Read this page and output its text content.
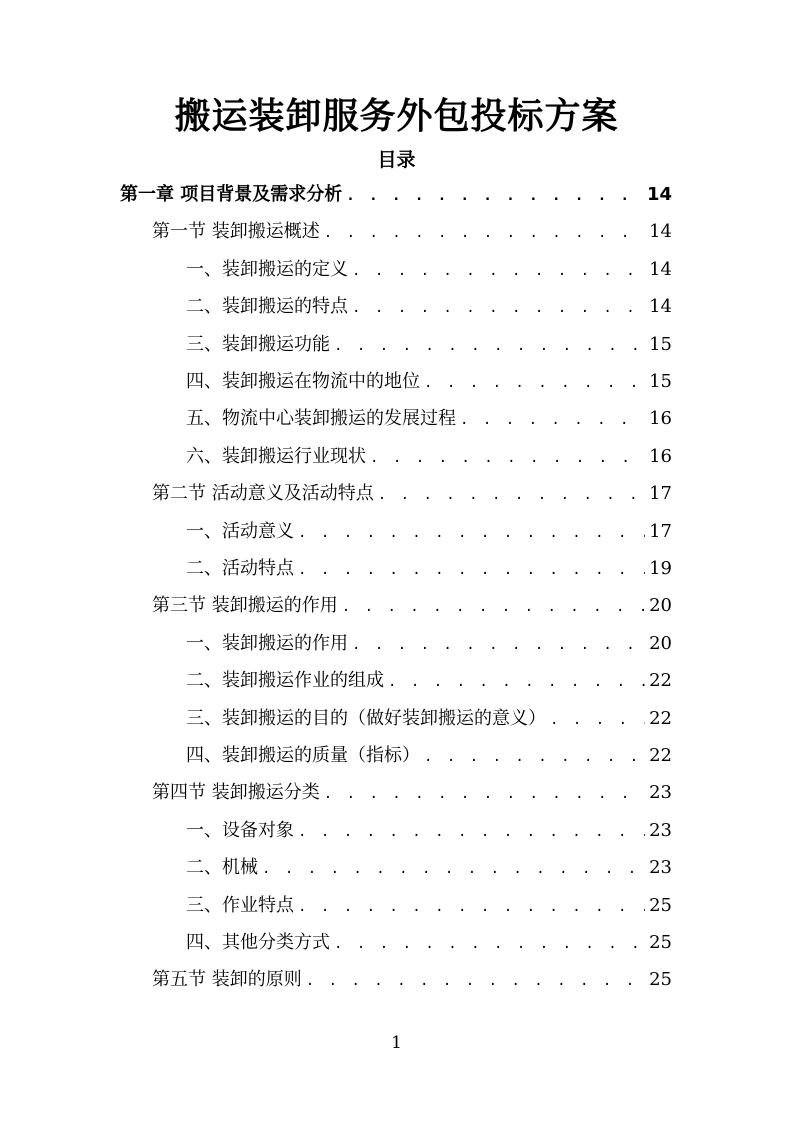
搬运装卸服务外包投标方案
目录
第一章 项目背景及需求分析 . . .	14
第一节 装卸搬运概述 . . .	14
一、装卸搬运的定义 . . .	14
二、装卸搬运的特点 . . .	14
三、装卸搬运功能 . . .	15
四、装卸搬运在物流中的地位 . . .	15
五、物流中心装卸搬运的发展过程 . . .	16
六、装卸搬运行业现状 . . .	16
第二节 活动意义及活动特点 . . .	17
一、活动意义 . . .	17
二、活动特点 . . .	19
第三节 装卸搬运的作用 . . .	20
一、装卸搬运的作用 . . .	20
二、装卸搬运作业的组成 . . .	22
三、装卸搬运的目的（做好装卸搬运的意义） . . .	22
四、装卸搬运的质量（指标） . . .	22
第四节 装卸搬运分类 . . .	23
一、设备对象 . . .	23
二、机械 . . .	23
三、作业特点 . . .	25
四、其他分类方式 . . .	25
第五节 装卸的原则 . . .	25
1
